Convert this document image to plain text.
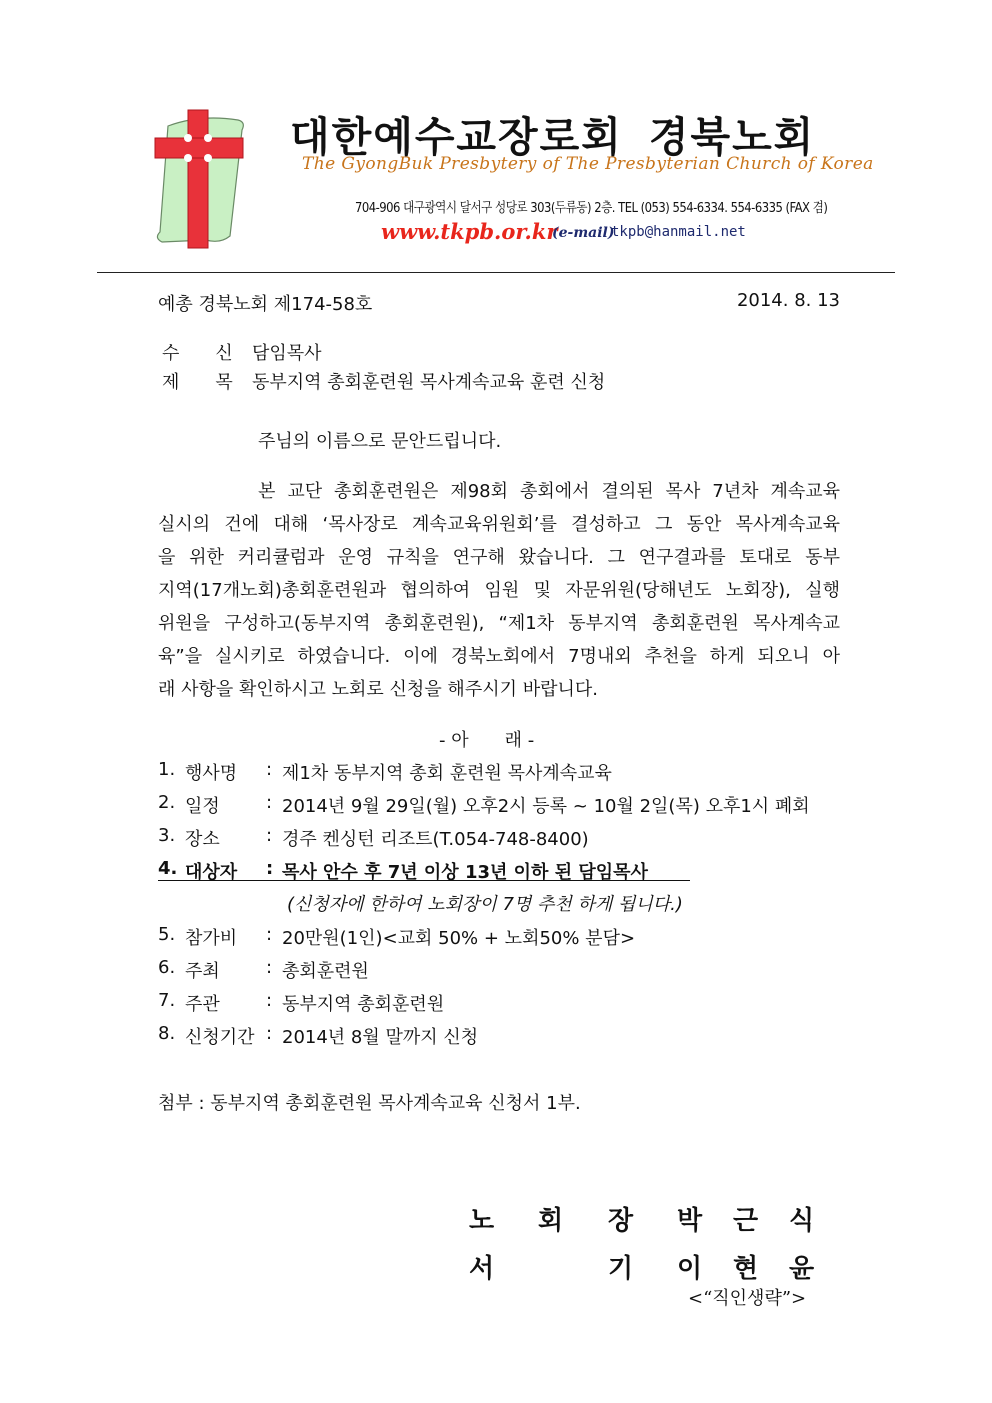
대한예수교장로회 경북노회
The GyongBuk Presbytery of The Presbyterian Church of Korea
704-906 대구광역시 달서구 성당로 303(두류동) 2층. TEL (053) 554-6334. 554-6335 (FAX 겸)
www.tkpb.or.kr
(e-mail)
tkpb@hanmail.net
예총 경북노회 제174-58호	2014. 8. 13
수　　신 담임목사
제　　목 동부지역 총회훈련원 목사계속교육 훈련 신청
주님의 이름으로 문안드립니다.
본 교단 총회훈련원은 제98회 총회에서 결의된 목사 7년차 계속교육
실시의 건에 대해 ‘목사장로 계속교육위원회’를 결성하고 그 동안 목사계속교육
을 위한 커리큘럼과 운영 규칙을 연구해 왔습니다. 그 연구결과를 토대로 동부
지역(17개노회)총회훈련원과 협의하여 임원 및 자문위원(당해년도 노회장), 실행
위원을 구성하고(동부지역 총회훈련원), “제1차 동부지역 총회훈련원 목사계속교
육”을 실시키로 하였습니다. 이에 경북노회에서 7명내외 추천을 하게 되오니 아
래 사항을 확인하시고 노회로 신청을 해주시기 바랍니다.
- 아　　래 -
1. 행사명	: 제1차 동부지역 총회 훈련원 목사계속교육
2. 일정	: 2014년 9월 29일(월) 오후2시 등록 ~ 10월 2일(목) 오후1시 폐회
3. 장소	: 경주 켄싱턴 리조트(T.054-748-8400)
4. 대상자	: 목사 안수 후 7년 이상 13년 이하 된 담임목사
(신청자에 한하여 노회장이 7명 추천 하게 됩니다.)
5. 참가비	: 20만원(1인)<교회 50% + 노회50% 분담>
6. 주최	: 총회훈련원
7. 주관	: 동부지역 총회훈련원
8. 신청기간 : 2014년 8월 말까지 신청
첨부 : 동부지역 총회훈련원 목사계속교육 신청서 1부.
노 회 장 박 근 식
서	기 이 현 윤
<“직인생략”>
